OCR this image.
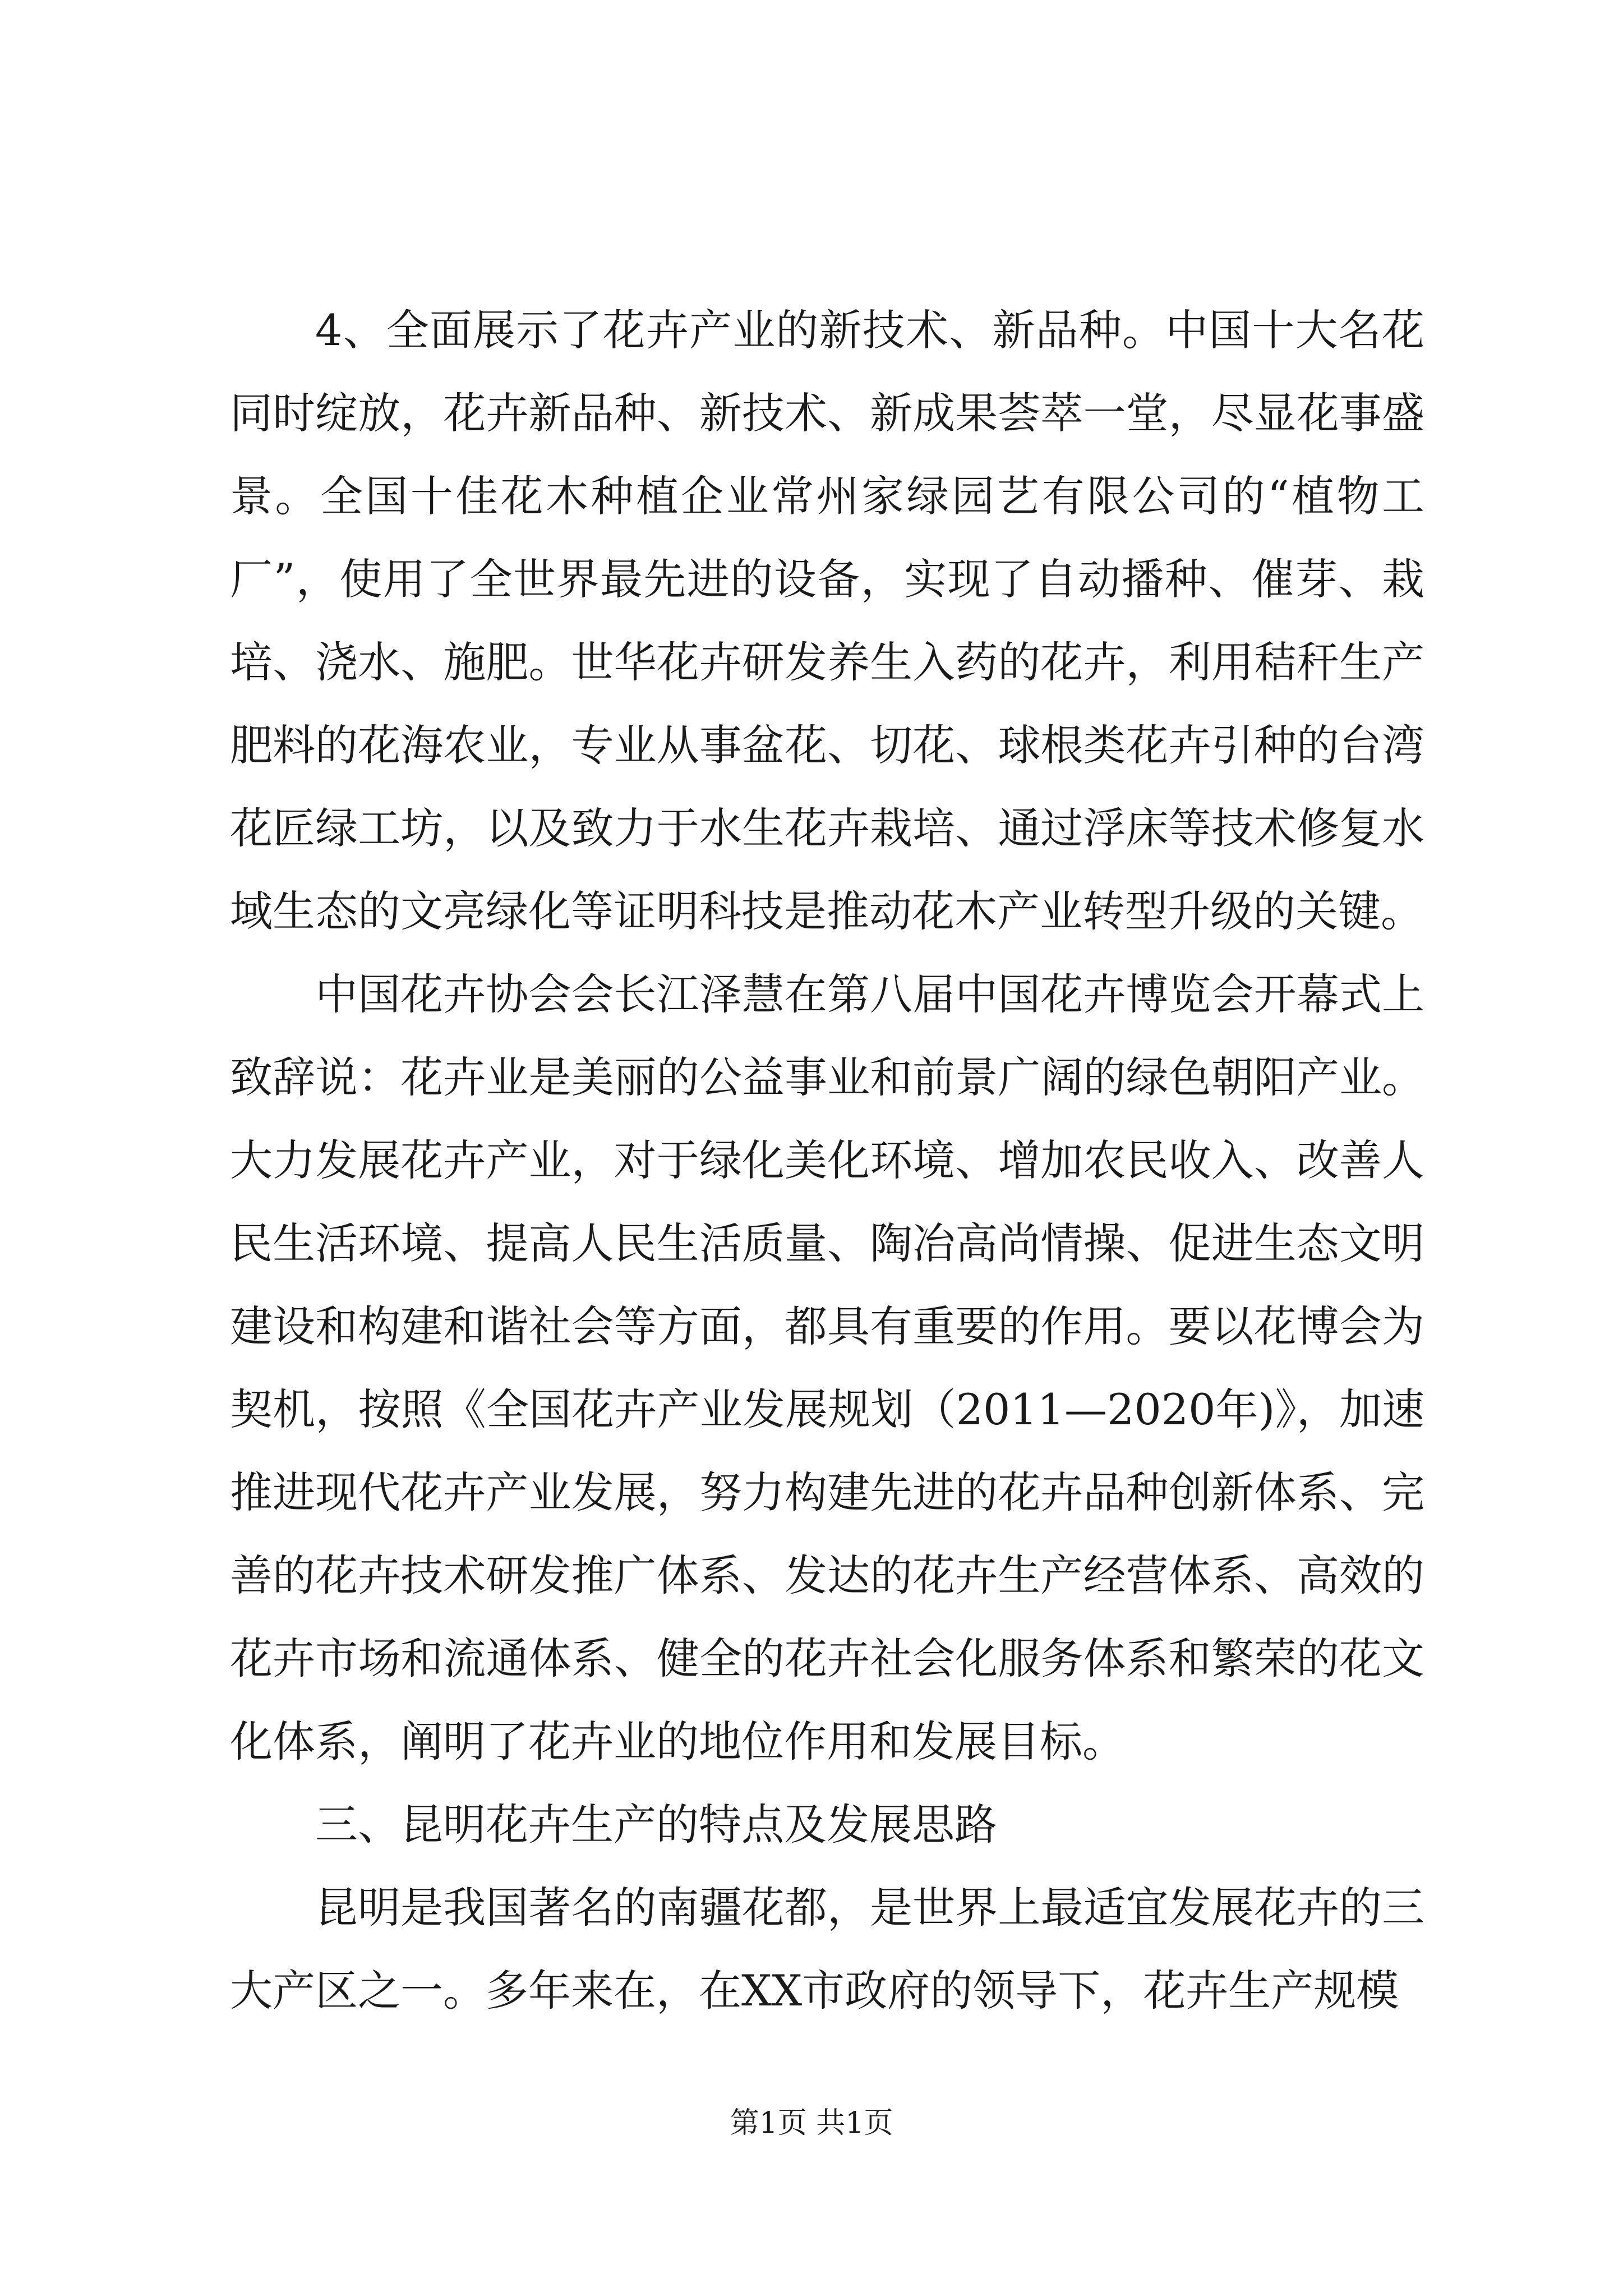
4、全面展示了花卉产业的新技术、新品种。中国十大名花同时绽放，花卉新品种、新技术、新成果荟萃一堂，尽显花事盛景。全国十佳花木种植企业常州家绿园艺有限公司的“植物工厂”，使用了全世界最先进的设备，实现了自动播种、催芽、栽培、浇水、施肥。世华花卉研发养生入药的花卉，利用秸秆生产肥料的花海农业，专业从事盆花、切花、球根类花卉引种的台湾花匠绿工坊，以及致力于水生花卉栽培、通过浮床等技术修复水域生态的文亮绿化等证明科技是推动花木产业转型升级的关键。

中国花卉协会会长江泽慧在第八届中国花卉博览会开幕式上致辞说：花卉业是美丽的公益事业和前景广阔的绿色朝阳产业。大力发展花卉产业，对于绿化美化环境、增加农民收入、改善人民生活环境、提高人民生活质量、陶冶高尚情操、促进生态文明建设和构建和谐社会等方面，都具有重要的作用。要以花博会为契机，按照《全国花卉产业发展规划（2011—2020年)》，加速推进现代花卉产业发展，努力构建先进的花卉品种创新体系、完善的花卉技术研发推广体系、发达的花卉生产经营体系、高效的花卉市场和流通体系、健全的花卉社会化服务体系和繁荣的花文化体系，阐明了花卉业的地位作用和发展目标。

三、昆明花卉生产的特点及发展思路

昆明是我国著名的南疆花都，是世界上最适宜发展花卉的三大产区之一。多年来在，在XX市政府的领导下，花卉生产规模

第1页 共1页
